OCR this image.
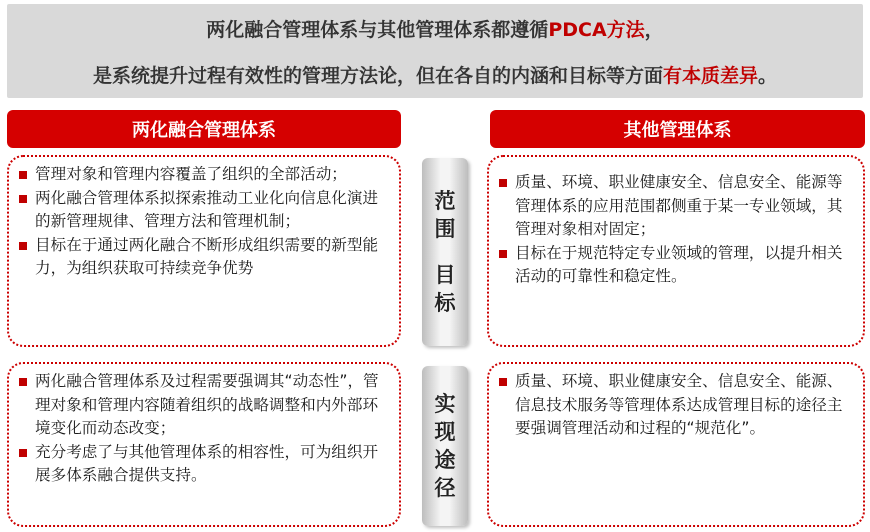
两化融合管理体系与其他管理体系都遵循PDCA方法，
是系统提升过程有效性的管理方法论，但在各自的内涵和目标等方面有本质差异。
两化融合管理体系	其他管理体系
管理对象和管理内容覆盖了组织的全部活动；
两化融合管理体系拟探索推动工业化向信息化演进的新管理规律、管理方法和管理机制；
目标在于通过两化融合不断形成组织需要的新型能力，为组织获取可持续竞争优势
质量、环境、职业健康安全、信息安全、能源等管理体系的应用范围都侧重于某一专业领域，其管理对象相对固定；
目标在于规范特定专业领域的管理，以提升相关活动的可靠性和稳定性。
范
围
目
标
两化融合管理体系及过程需要强调其“动态性”，管理对象和管理内容随着组织的战略调整和内外部环境变化而动态改变；
充分考虑了与其他管理体系的相容性，可为组织开展多体系融合提供支持。
质量、环境、职业健康安全、信息安全、能源、信息技术服务等管理体系达成管理目标的途径主要强调管理活动和过程的“规范化”。
实
现
途
径
